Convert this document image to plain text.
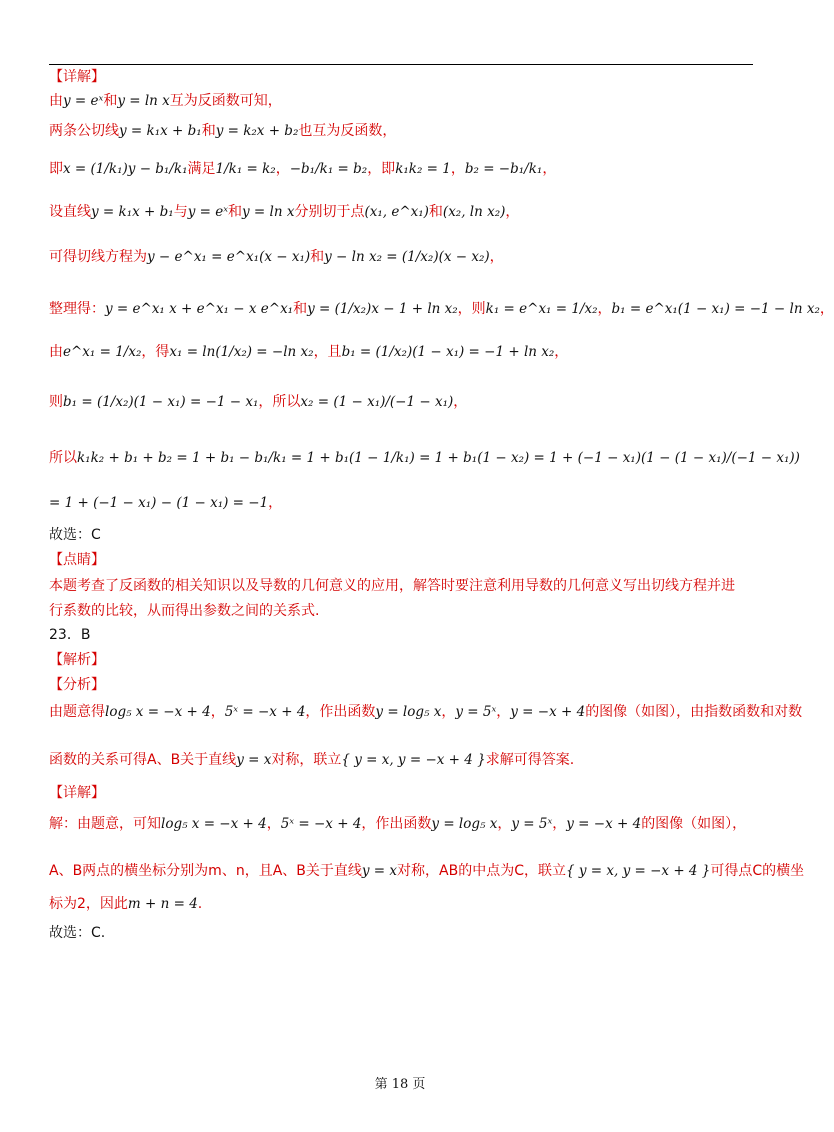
【详解】
由y = eˣ和y = ln x互为反函数可知，
两条公切线y = k₁x + b₁和y = k₂x + b₂也互为反函数，
即x = (1/k₁)y − b₁/k₁满足1/k₁ = k₂，−b₁/k₁ = b₂，即k₁k₂ = 1，b₂ = −b₁/k₁，
设直线y = k₁x + b₁与y = eˣ和y = ln x分别切于点(x₁, e^x₁)和(x₂, ln x₂)，
可得切线方程为y − e^x₁ = e^x₁(x − x₁)和y − ln x₂ = (1/x₂)(x − x₂)，
整理得：y = e^x₁ x + e^x₁ − x e^x₁和y = (1/x₂)x − 1 + ln x₂，则k₁ = e^x₁ = 1/x₂，b₁ = e^x₁(1 − x₁) = −1 − ln x₂，
由e^x₁ = 1/x₂，得x₁ = ln(1/x₂) = −ln x₂，且b₁ = (1/x₂)(1 − x₁) = −1 + ln x₂，
则b₁ = (1/x₂)(1 − x₁) = −1 − x₁，所以x₂ = (1 − x₁)/(−1 − x₁)，
所以k₁k₂ + b₁ + b₂ = 1 + b₁ − b₁/k₁ = 1 + b₁(1 − 1/k₁) = 1 + b₁(1 − x₂) = 1 + (−1 − x₁)(1 − (1 − x₁)/(−1 − x₁))
= 1 + (−1 − x₁) − (1 − x₁) = −1，
故选：C
【点睛】
本题考查了反函数的相关知识以及导数的几何意义的应用，解答时要注意利用导数的几何意义写出切线方程并进
行系数的比较，从而得出参数之间的关系式.
23．B
【解析】
【分析】
由题意得log₅ x = −x + 4，5ˣ = −x + 4，作出函数y = log₅ x，y = 5ˣ，y = −x + 4的图像（如图），由指数函数和对数
函数的关系可得A、B关于直线y = x对称，联立{ y = x, y = −x + 4 }求解可得答案.
【详解】
解：由题意，可知log₅ x = −x + 4，5ˣ = −x + 4，作出函数y = log₅ x，y = 5ˣ，y = −x + 4的图像（如图），
A、B两点的横坐标分别为m、n，且A、B关于直线y = x对称，AB的中点为C，联立{ y = x, y = −x + 4 }可得点C的横坐
标为2，因此m + n = 4.
故选：C.
第 18 页
